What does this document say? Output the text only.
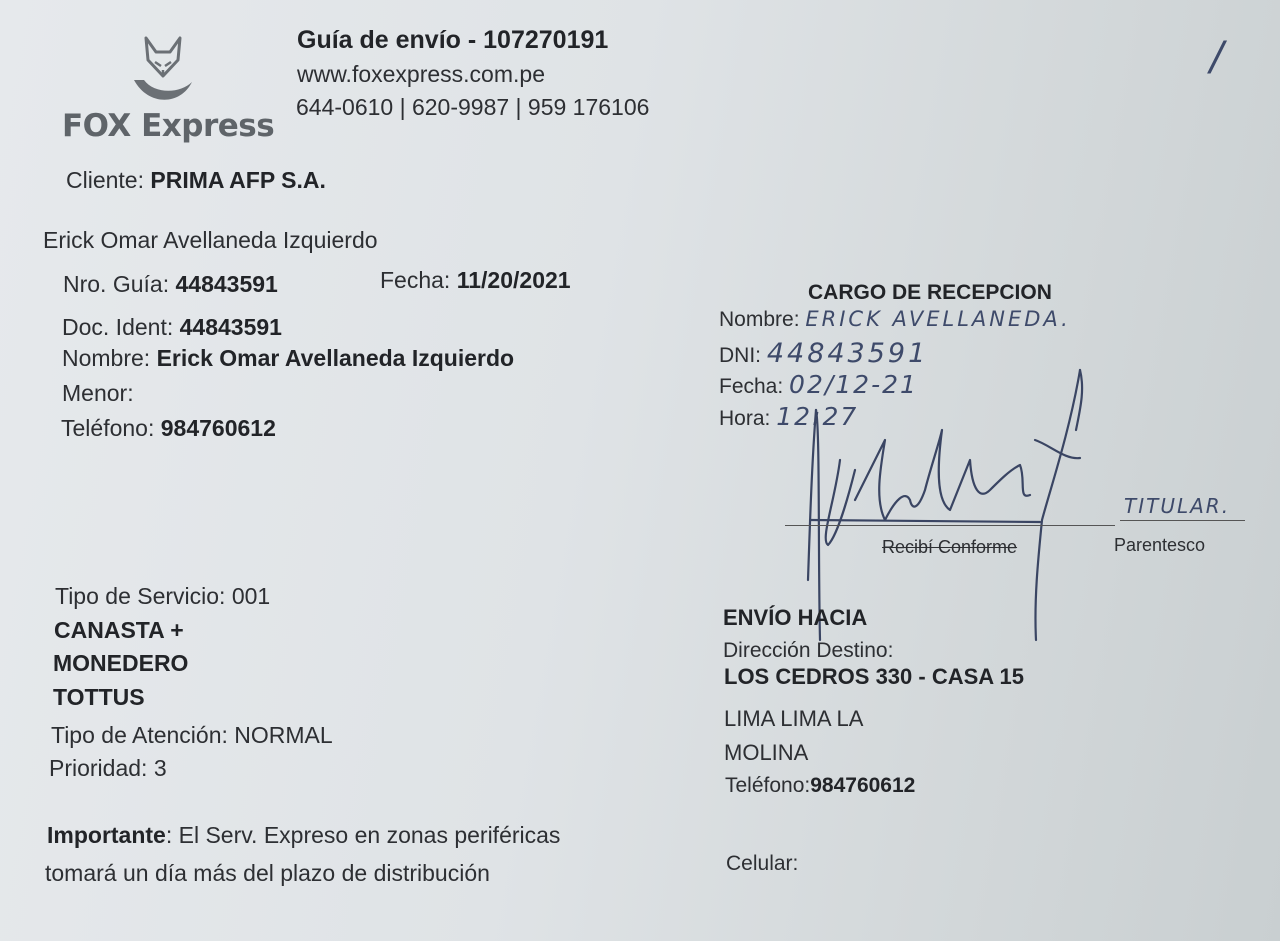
FOX Express
Guía de envío - 107270191
www.foxexpress.com.pe
644-0610 | 620-9987 | 959 176106
/
Cliente: PRIMA AFP S.A.
Erick Omar Avellaneda Izquierdo
Nro. Guía: 44843591	Fecha: 11/20/2021
Doc. Ident: 44843591
Nombre: Erick Omar Avellaneda Izquierdo
Menor:
Teléfono: 984760612
CARGO DE RECEPCION
Nombre: ERICK AVELLANEDA.
DNI: 44843591
Fecha: 02/12-21
Hora: 12:27
Recibí Conforme
TITULAR.
Parentesco
Tipo de Servicio: 001
CANASTA +
MONEDERO
TOTTUS
Tipo de Atención: NORMAL
Prioridad: 3
ENVÍO HACIA
Dirección Destino:
LOS CEDROS 330 - CASA 15
LIMA LIMA LA
MOLINA
Teléfono:984760612
Celular:
Importante: El Serv. Expreso en zonas periféricas
tomará un día más del plazo de distribución
